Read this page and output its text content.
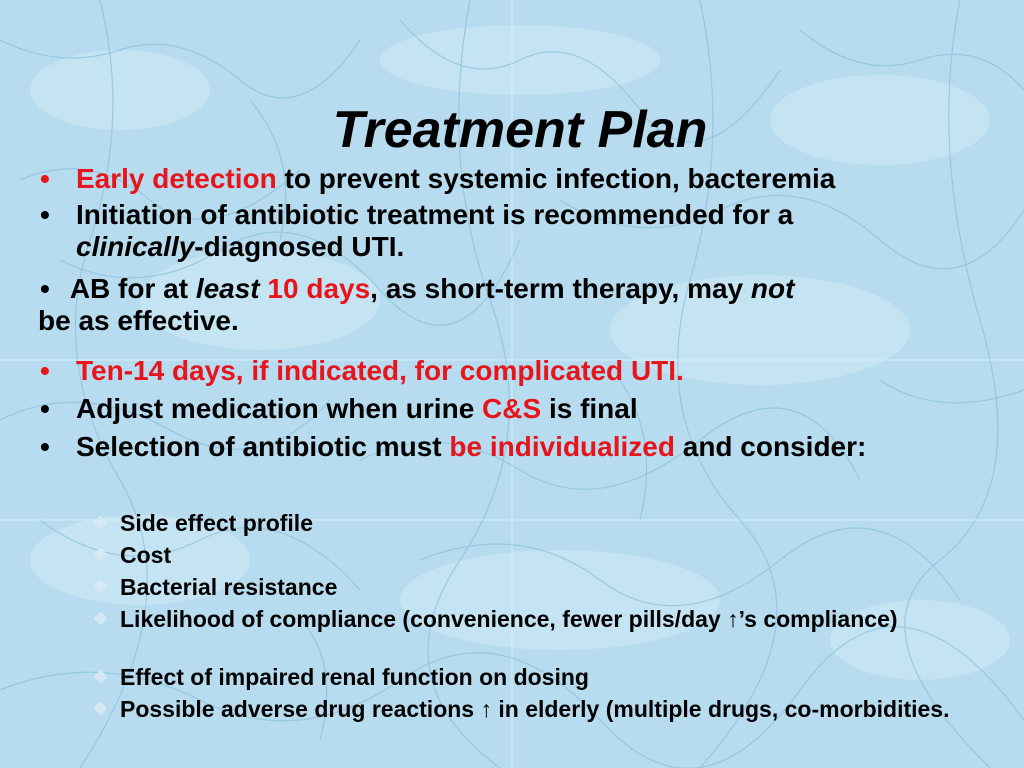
Treatment Plan
• Early detection to prevent systemic infection, bacteremia
• Initiation of antibiotic treatment is recommended for a
clinically-diagnosed UTI.
• AB for at least 10 days, as short-term therapy, may not
be as effective.
• Ten-14 days, if indicated, for complicated UTI.
• Adjust medication when urine C&S is final
• Selection of antibiotic must be individualized and consider:
Side effect profile
Cost
Bacterial resistance
Likelihood of compliance (convenience, fewer pills/day ↑’s compliance)
Effect of impaired renal function on dosing
Possible adverse drug reactions ↑ in elderly (multiple drugs, co-morbidities.
